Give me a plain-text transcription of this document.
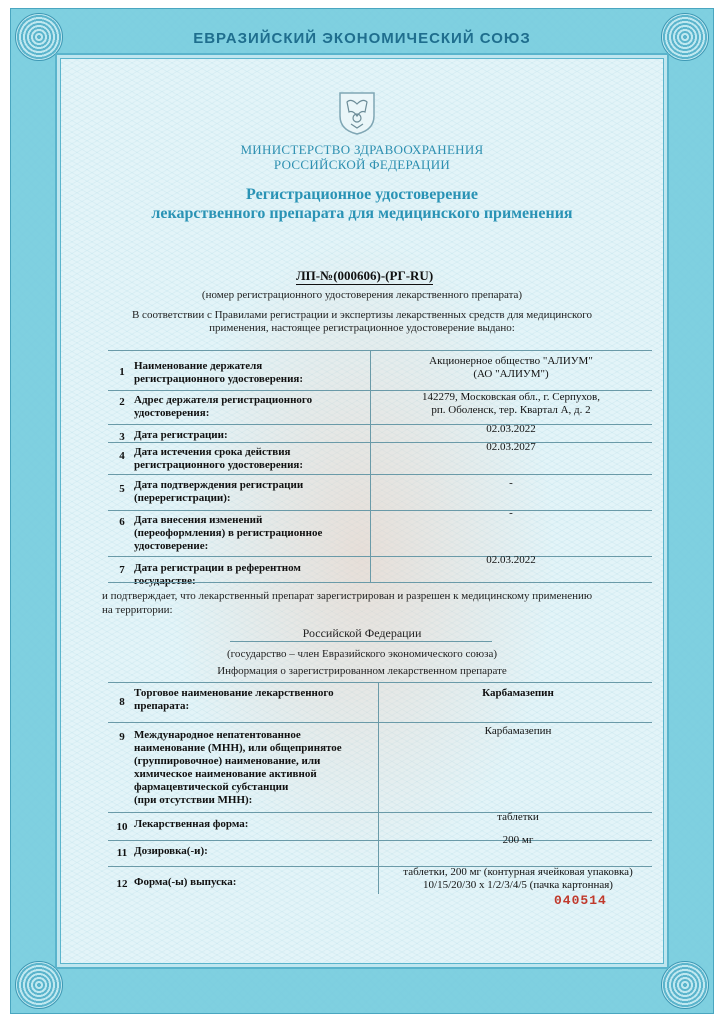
ЕВРАЗИЙСКИЙ ЭКОНОМИЧЕСКИЙ СОЮЗ
МИНИСТЕРСТВО ЗДРАВООХРАНЕНИЯ
РОССИЙСКОЙ ФЕДЕРАЦИИ
Регистрационное удостоверение
лекарственного препарата для медицинского применения
ЛП-№(000606)-(РГ-RU)
(номер регистрационного удостоверения лекарственного препарата)
В соответствии с Правилами регистрации и экспертизы лекарственных средств для медицинского
применения, настоящее регистрационное удостоверение выдано:
1 Наименование держателя
регистрационного удостоверения:
Акционерное общество "АЛИУМ"
(АО "АЛИУМ")
2 Адрес держателя регистрационного
удостоверения:
142279, Московская обл., г. Серпухов,
рп. Оболенск, тер. Квартал А, д. 2
3 Дата регистрации:	02.03.2022
4 Дата истечения срока действия
регистрационного удостоверения:
02.03.2027
5 Дата подтверждения регистрации
(перерегистрации):
-
6 Дата внесения изменений
(переоформления) в регистрационное
удостоверение:
-
7 Дата регистрации в референтном
государстве:
02.03.2022
и подтверждает, что лекарственный препарат зарегистрирован и разрешен к медицинскому применению
на территории:
Российской Федерации
(государство – член Евразийского экономического союза)
Информация о зарегистрированном лекарственном препарате
8
Торговое наименование лекарственного
препарата:
Карбамазепин
9 Международное непатентованное
наименование (МНН), или общепринятое
(группировочное) наименование, или
химическое наименование активной
фармацевтической субстанции
(при отсутствии МНН):
Карбамазепин
10 Лекарственная форма:
таблетки
11 Дозировка(-и):
200 мг
12 Форма(-ы) выпуска:
таблетки, 200 мг (контурная ячейковая упаковка)
10/15/20/30 x 1/2/3/4/5 (пачка картонная)
040514
